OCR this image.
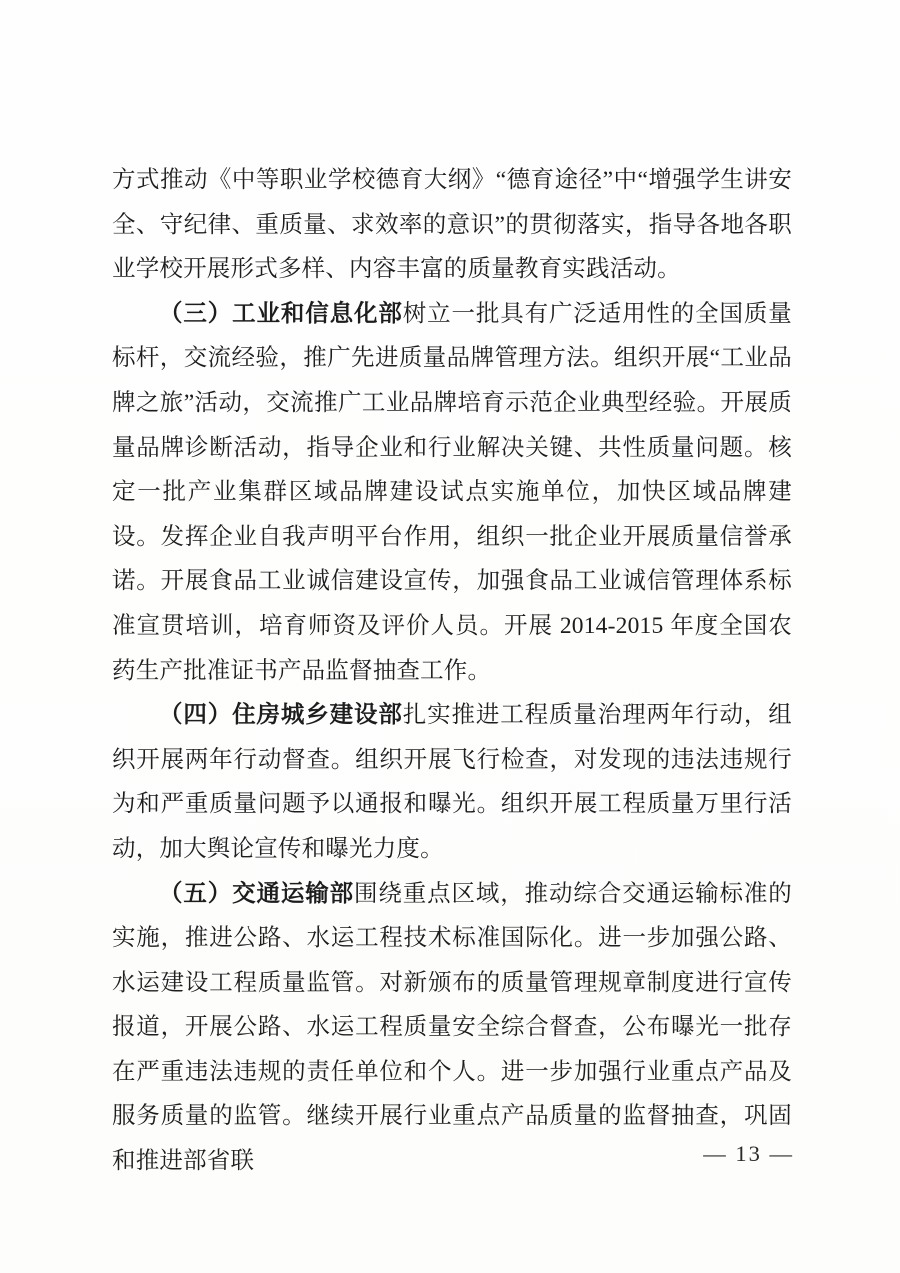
方式推动《中等职业学校德育大纲》“德育途径”中“增强学生讲安全、守纪律、重质量、求效率的意识”的贯彻落实，指导各地各职业学校开展形式多样、内容丰富的质量教育实践活动。

（三）工业和信息化部树立一批具有广泛适用性的全国质量标杆，交流经验，推广先进质量品牌管理方法。组织开展“工业品牌之旅”活动，交流推广工业品牌培育示范企业典型经验。开展质量品牌诊断活动，指导企业和行业解决关键、共性质量问题。核定一批产业集群区域品牌建设试点实施单位，加快区域品牌建设。发挥企业自我声明平台作用，组织一批企业开展质量信誉承诺。开展食品工业诚信建设宣传，加强食品工业诚信管理体系标准宣贯培训，培育师资及评价人员。开展 2014-2015 年度全国农药生产批准证书产品监督抽查工作。

（四）住房城乡建设部扎实推进工程质量治理两年行动，组织开展两年行动督查。组织开展飞行检查，对发现的违法违规行为和严重质量问题予以通报和曝光。组织开展工程质量万里行活动，加大舆论宣传和曝光力度。

（五）交通运输部围绕重点区域，推动综合交通运输标准的实施，推进公路、水运工程技术标准国际化。进一步加强公路、水运建设工程质量监管。对新颁布的质量管理规章制度进行宣传报道，开展公路、水运工程质量安全综合督查，公布曝光一批存在严重违法违规的责任单位和个人。进一步加强行业重点产品及服务质量的监管。继续开展行业重点产品质量的监督抽查，巩固和推进部省联	— 13 —
